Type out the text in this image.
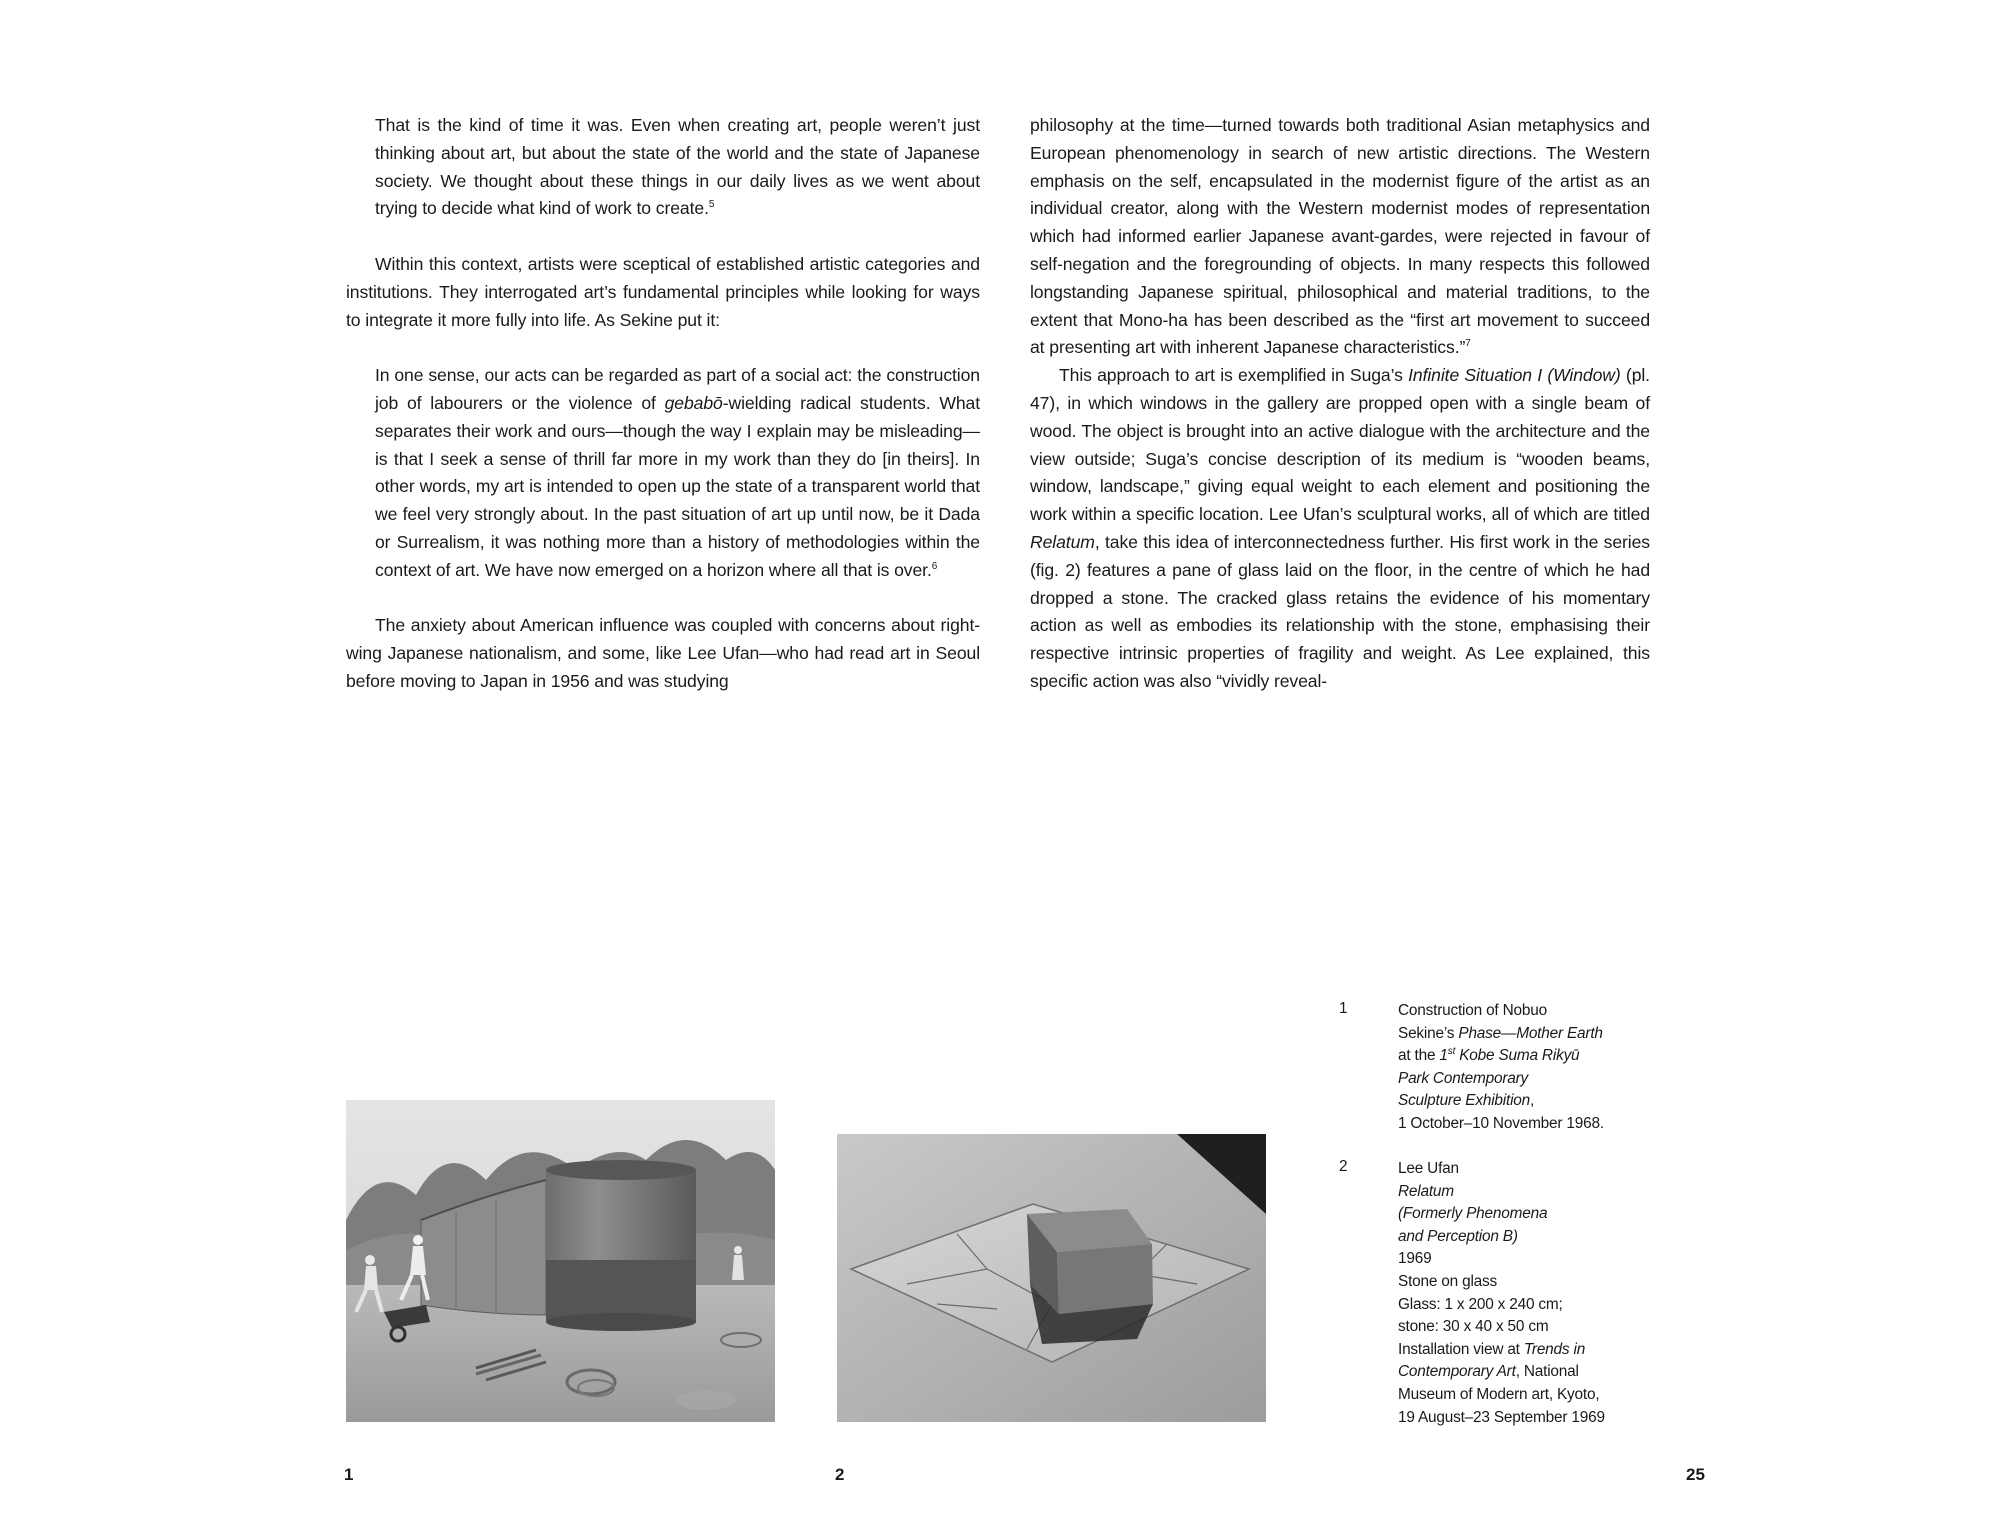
That is the kind of time it was. Even when creating art, people weren’t just thinking about art, but about the state of the world and the state of Japanese society. We thought about these things in our daily lives as we went about trying to decide what kind of work to create.$^5$

Within this context, artists were sceptical of established artistic categories and institutions. They interrogated art’s fundamental principles while looking for ways to integrate it more fully into life. As Sekine put it:

In one sense, our acts can be regarded as part of a social act: the construction job of labourers or the violence of gebabō-wielding radical students. What separates their work and ours—though the way I explain may be misleading—is that I seek a sense of thrill far more in my work than they do [in theirs]. In other words, my art is intended to open up the state of a transparent world that we feel very strongly about. In the past situation of art up until now, be it Dada or Surrealism, it was nothing more than a history of methodologies within the context of art. We have now emerged on a horizon where all that is over.$^6$

The anxiety about American influence was coupled with concerns about right-wing Japanese nationalism, and some, like Lee Ufan—who had read art in Seoul before moving to Japan in 1956 and was studying

philosophy at the time—turned towards both traditional Asian metaphysics and European phenomenology in search of new artistic directions. The Western emphasis on the self, encapsulated in the modernist figure of the artist as an individual creator, along with the Western modernist modes of representation which had informed earlier Japanese avant-gardes, were rejected in favour of self-negation and the foregrounding of objects. In many respects this followed longstanding Japanese spiritual, philosophical and material traditions, to the extent that Mono-ha has been described as the “first art movement to succeed at presenting art with inherent Japanese characteristics.”$^7$

This approach to art is exemplified in Suga’s Infinite Situation I (Window) (pl. 47), in which windows in the gallery are propped open with a single beam of wood. The object is brought into an active dialogue with the architecture and the view outside; Suga’s concise description of its medium is “wooden beams, window, landscape,” giving equal weight to each element and positioning the work within a specific location. Lee Ufan’s sculptural works, all of which are titled Relatum, take this idea of interconnectedness further. His first work in the series (fig. 2) features a pane of glass laid on the floor, in the centre of which he had dropped a stone. The cracked glass retains the evidence of his momentary action as well as embodies its relationship with the stone, emphasising their respective intrinsic properties of fragility and weight. As Lee explained, this specific action was also “vividly reveal-

1	2
1	Construction of Nobuo
Sekine’s Phase—Mother Earth
at the 1st Kobe Suma Rikyū
Park Contemporary
Sculpture Exhibition,
1 October–10 November 1968.
2	Lee Ufan
Relatum
(Formerly Phenomena
and Perception B)
1969
Stone on glass
Glass: 1 x 200 x 240 cm;
stone: 30 x 40 x 50 cm
Installation view at Trends in
Contemporary Art, National
Museum of Modern art, Kyoto,
19 August–23 September 1969
25
